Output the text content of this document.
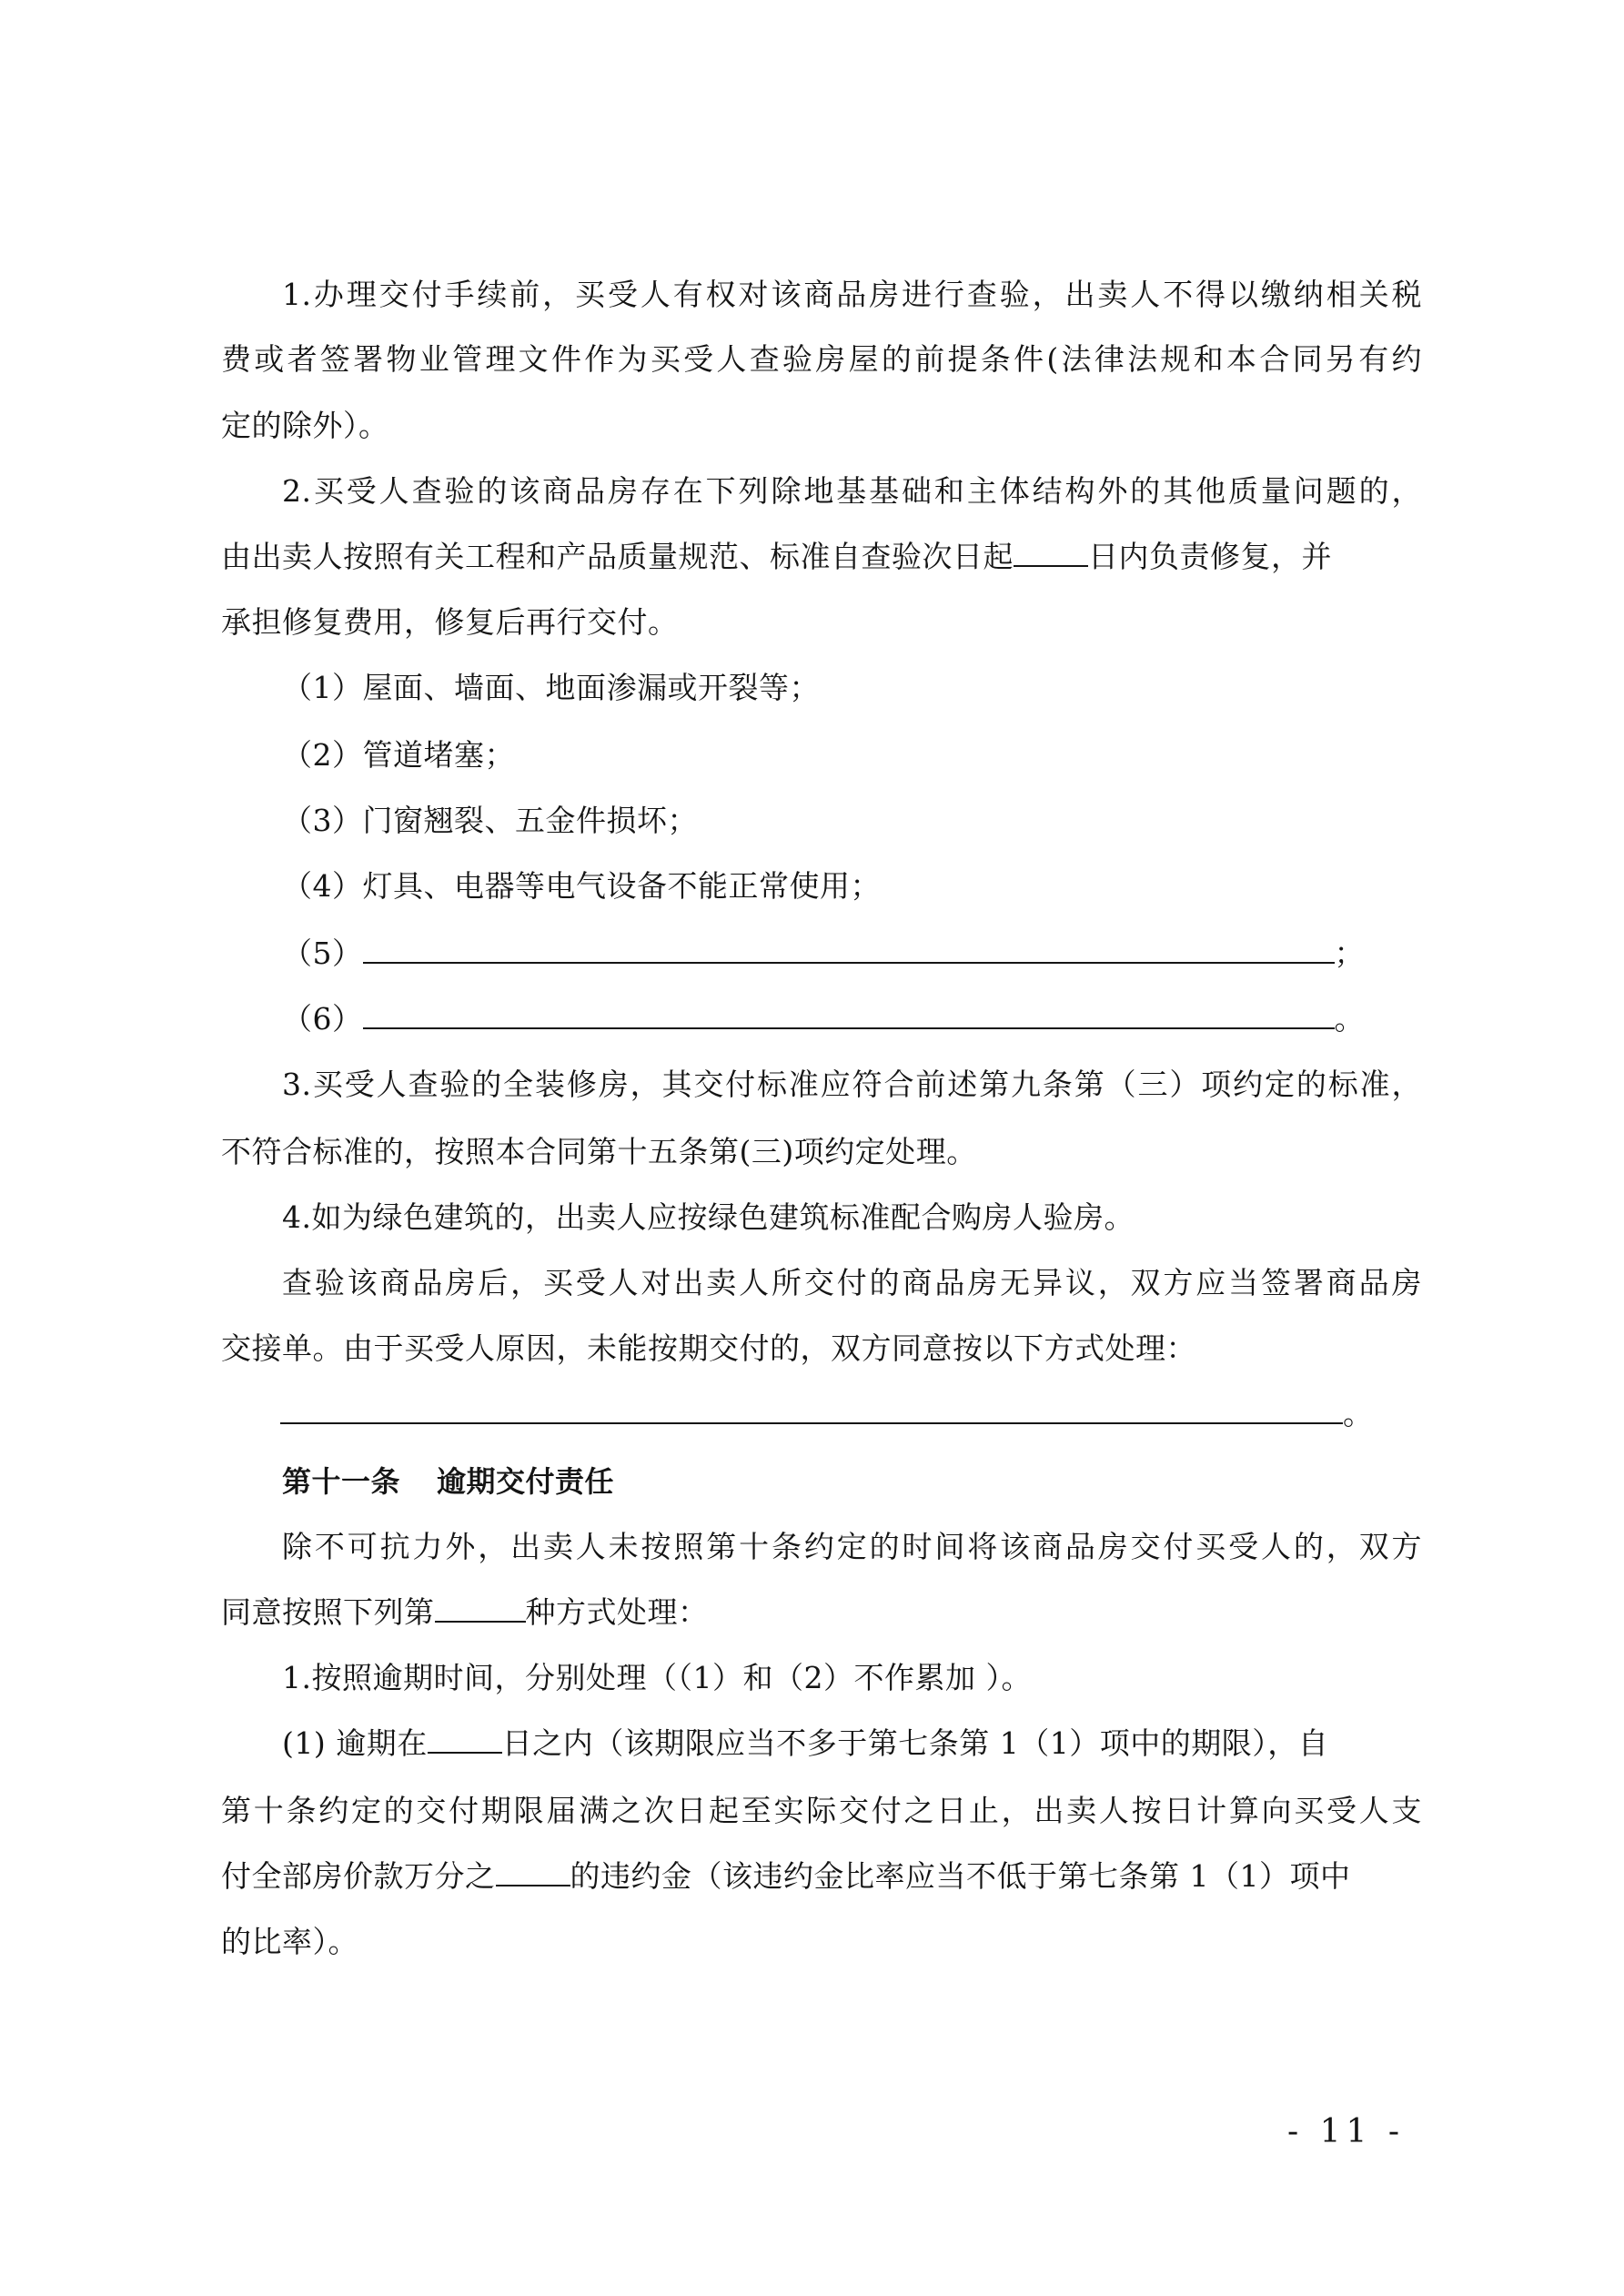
1.办理交付手续前，买受人有权对该商品房进行查验，出卖人不得以缴纳相关税
费或者签署物业管理文件作为买受人查验房屋的前提条件(法律法规和本合同另有约
定的除外）。
2.买受人查验的该商品房存在下列除地基基础和主体结构外的其他质量问题的，
由出卖人按照有关工程和产品质量规范、标准自查验次日起 日内负责修复，并
承担修复费用，修复后再行交付。
（1）屋面、墙面、地面渗漏或开裂等；
（2）管道堵塞；
（3）门窗翘裂、五金件损坏；
（4）灯具、电器等电气设备不能正常使用；
（5）	；
（6）	。
3.买受人查验的全装修房，其交付标准应符合前述第九条第（三）项约定的标准，
不符合标准的，按照本合同第十五条第(三)项约定处理。
4.如为绿色建筑的，出卖人应按绿色建筑标准配合购房人验房。
查验该商品房后，买受人对出卖人所交付的商品房无异议，双方应当签署商品房
交接单。由于买受人原因，未能按期交付的，双方同意按以下方式处理：
。
第十一条 逾期交付责任
除不可抗力外，出卖人未按照第十条约定的时间将该商品房交付买受人的，双方
同意按照下列第	种方式处理：
1.按照逾期时间，分别处理（（1）和（2）不作累加 ）。
(1) 逾期在 日之内（该期限应当不多于第七条第 1（1）项中的期限），自
第十条约定的交付期限届满之次日起至实际交付之日止，出卖人按日计算向买受人支
付全部房价款万分之 的违约金（该违约金比率应当不低于第七条第 1（1）项中
的比率）。
- 11 -
